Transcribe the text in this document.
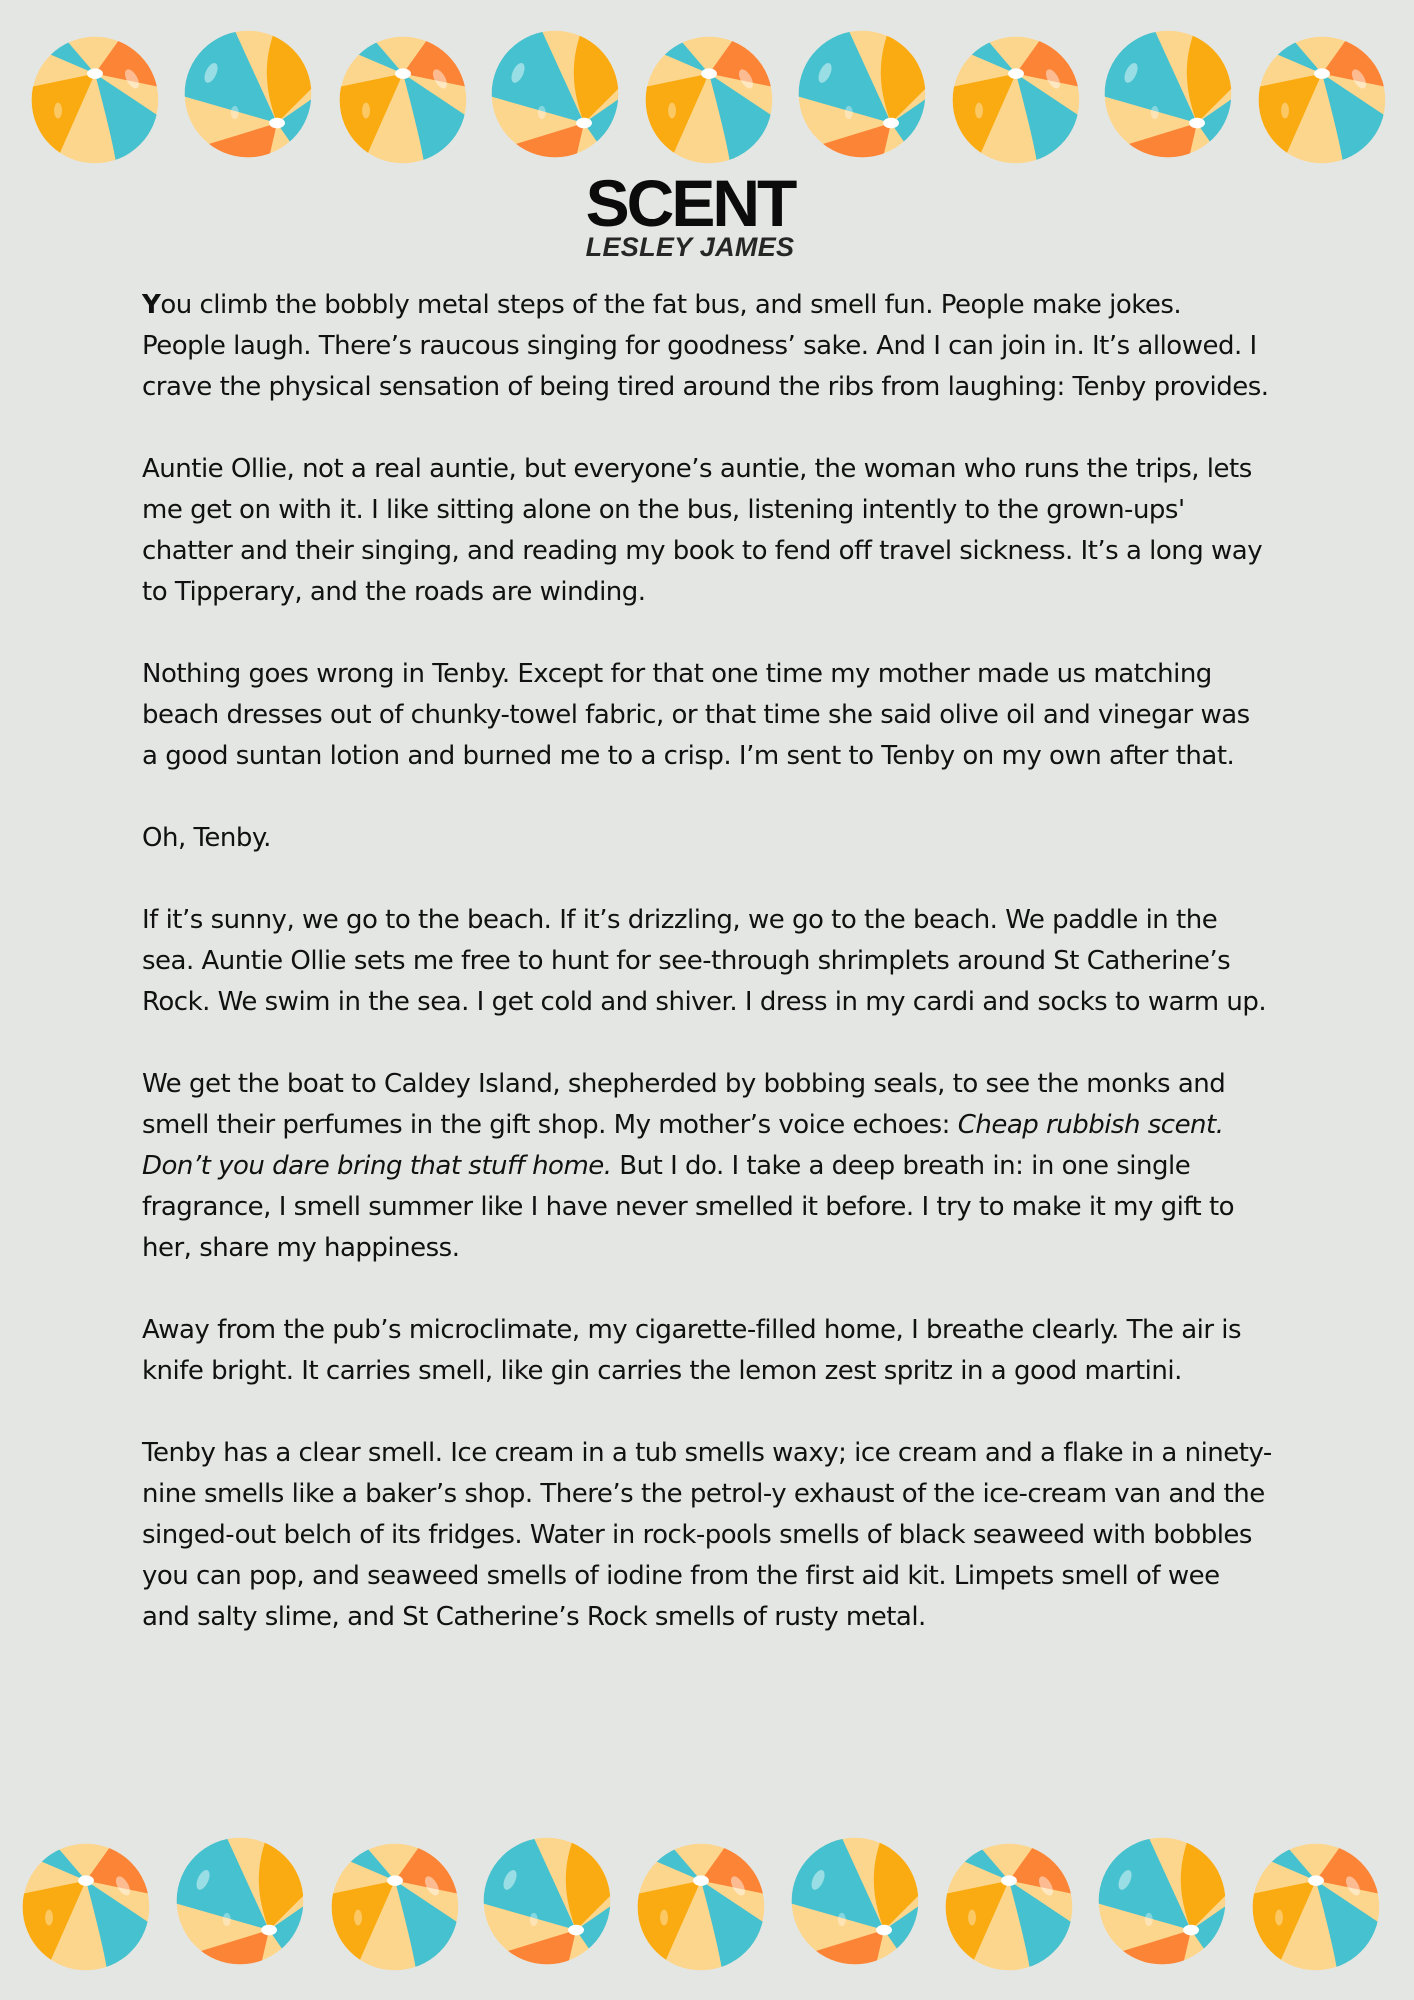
SCENT
LESLEY JAMES

You climb the bobbly metal steps of the fat bus, and smell fun. People make jokes. People laugh. There’s raucous singing for goodness’ sake. And I can join in. It’s allowed. I crave the physical sensation of being tired around the ribs from laughing: Tenby provides.

Auntie Ollie, not a real auntie, but everyone’s auntie, the woman who runs the trips, lets me get on with it. I like sitting alone on the bus, listening intently to the grown-ups' chatter and their singing, and reading my book to fend off travel sickness. It’s a long way to Tipperary, and the roads are winding.

Nothing goes wrong in Tenby. Except for that one time my mother made us matching beach dresses out of chunky-towel fabric, or that time she said olive oil and vinegar was a good suntan lotion and burned me to a crisp. I’m sent to Tenby on my own after that.

Oh, Tenby.

If it’s sunny, we go to the beach. If it’s drizzling, we go to the beach. We paddle in the sea. Auntie Ollie sets me free to hunt for see-through shrimplets around St Catherine’s Rock. We swim in the sea. I get cold and shiver. I dress in my cardi and socks to warm up.

We get the boat to Caldey Island, shepherded by bobbing seals, to see the monks and smell their perfumes in the gift shop. My mother’s voice echoes: Cheap rubbish scent. Don’t you dare bring that stuff home. But I do. I take a deep breath in: in one single fragrance, I smell summer like I have never smelled it before. I try to make it my gift to her, share my happiness.

Away from the pub’s microclimate, my cigarette-filled home, I breathe clearly. The air is knife bright. It carries smell, like gin carries the lemon zest spritz in a good martini.

Tenby has a clear smell. Ice cream in a tub smells waxy; ice cream and a flake in a ninety-nine smells like a baker’s shop. There’s the petrol-y exhaust of the ice-cream van and the singed-out belch of its fridges. Water in rock-pools smells of black seaweed with bobbles you can pop, and seaweed smells of iodine from the first aid kit. Limpets smell of wee and salty slime, and St Catherine’s Rock smells of rusty metal.
